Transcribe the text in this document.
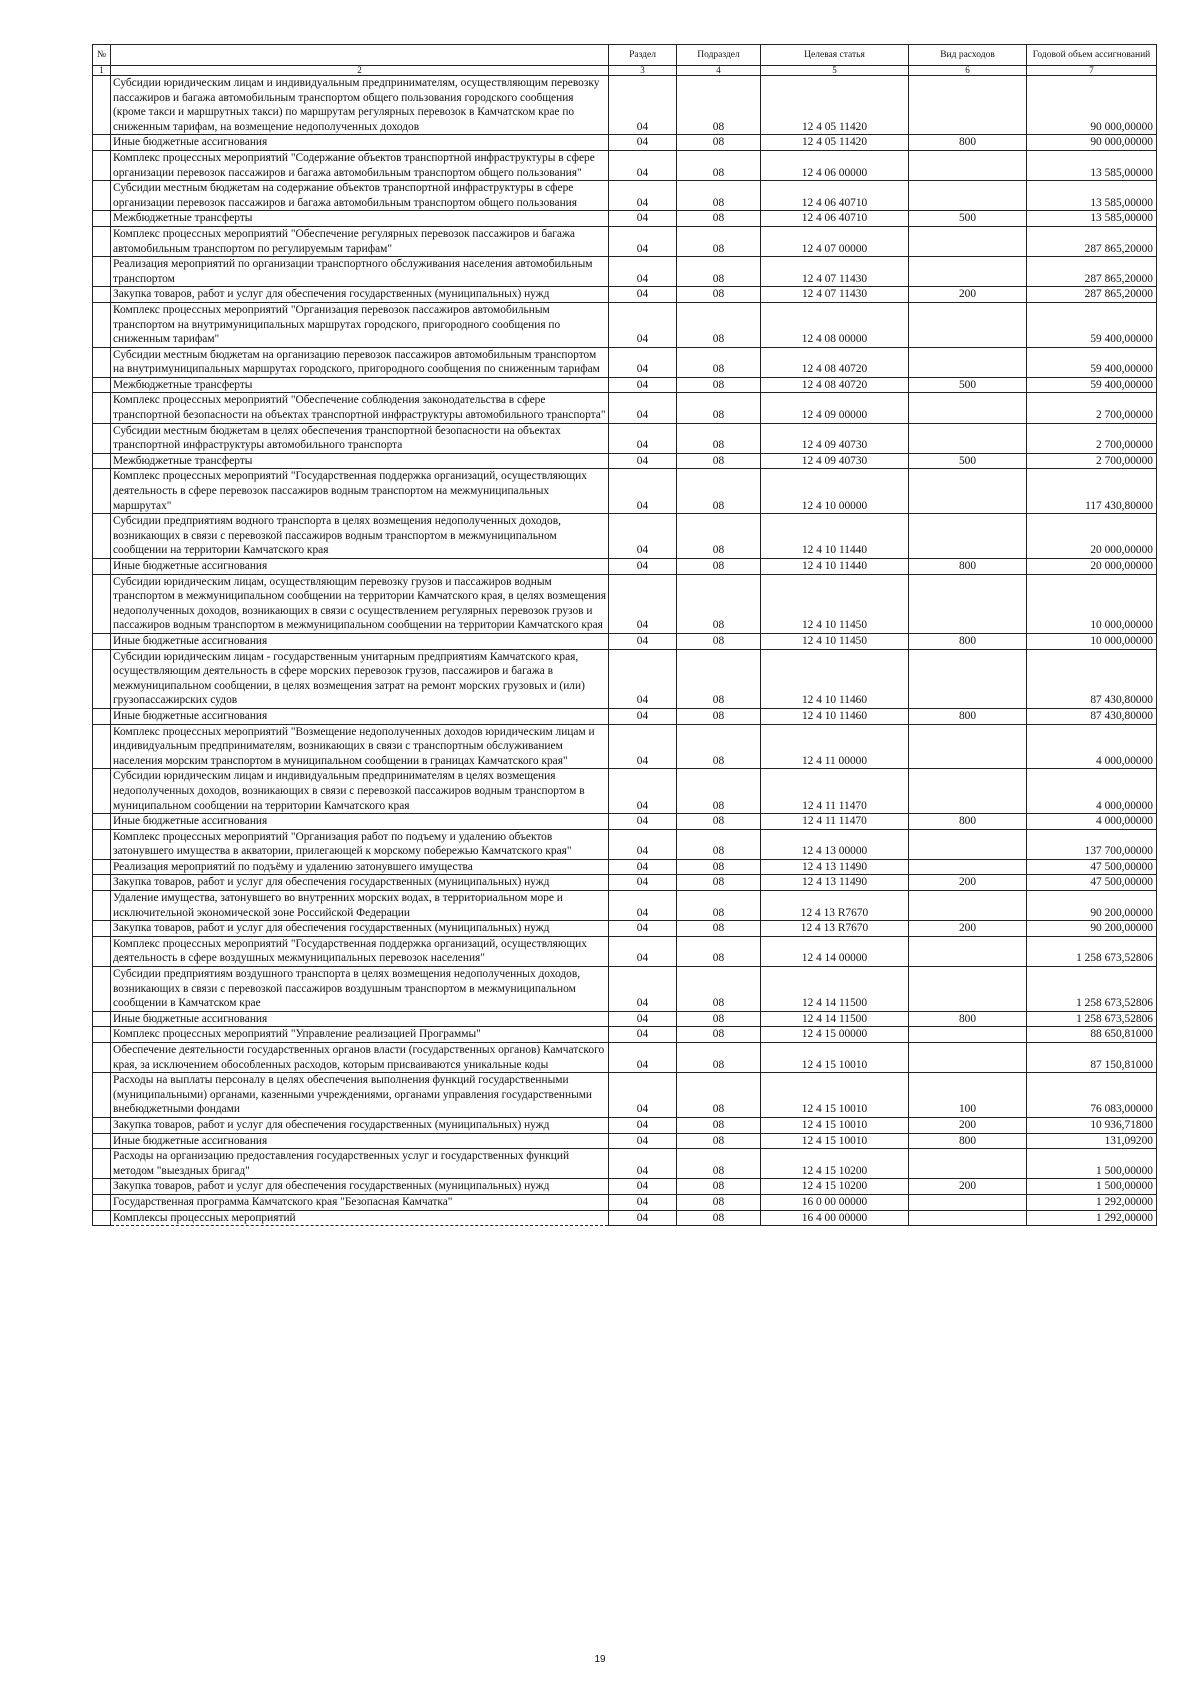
№		Раздел	Подраздел	Целевая статья	Вид расходов	Годовой объем ассигнований
1	2	3	4	5	6	7
	Субсидии юридическим лицам и индивидуальным предпринимателям, осуществляющим перевозку пассажиров и багажа автомобильным транспортом общего пользования городского сообщения (кроме такси и маршрутных такси) по маршрутам регулярных перевозок в Камчатском крае по сниженным тарифам, на возмещение недополученных доходов	04	08	12 4 05 11420		90 000,00000
	Иные бюджетные ассигнования	04	08	12 4 05 11420	800	90 000,00000
	Комплекс процессных мероприятий "Содержание объектов транспортной инфраструктуры в сфере организации перевозок пассажиров и багажа автомобильным транспортом общего пользования"	04	08	12 4 06 00000		13 585,00000
	Субсидии местным бюджетам на содержание объектов транспортной инфраструктуры в сфере организации перевозок пассажиров и багажа автомобильным транспортом общего пользования	04	08	12 4 06 40710		13 585,00000
	Межбюджетные трансферты	04	08	12 4 06 40710	500	13 585,00000
	Комплекс процессных мероприятий "Обеспечение регулярных перевозок пассажиров и багажа автомобильным транспортом по регулируемым тарифам"	04	08	12 4 07 00000		287 865,20000
	Реализация мероприятий по организации транспортного обслуживания населения автомобильным транспортом	04	08	12 4 07 11430		287 865,20000
	Закупка товаров, работ и услуг для обеспечения государственных (муниципальных) нужд	04	08	12 4 07 11430	200	287 865,20000
	Комплекс процессных мероприятий "Организация перевозок пассажиров автомобильным транспортом на внутримуниципальных маршрутах городского, пригородного сообщения по сниженным тарифам"	04	08	12 4 08 00000		59 400,00000
	Субсидии местным бюджетам на организацию перевозок пассажиров автомобильным транспортом на внутримуниципальных маршрутах городского, пригородного сообщения по сниженным тарифам	04	08	12 4 08 40720		59 400,00000
	Межбюджетные трансферты	04	08	12 4 08 40720	500	59 400,00000
	Комплекс процессных мероприятий "Обеспечение соблюдения законодательства в сфере транспортной безопасности на объектах транспортной инфраструктуры автомобильного транспорта"	04	08	12 4 09 00000		2 700,00000
	Субсидии местным бюджетам в целях обеспечения транспортной безопасности на объектах транспортной инфраструктуры автомобильного транспорта	04	08	12 4 09 40730		2 700,00000
	Межбюджетные трансферты	04	08	12 4 09 40730	500	2 700,00000
	Комплекс процессных мероприятий "Государственная поддержка организаций, осуществляющих деятельность в сфере перевозок пассажиров водным транспортом на межмуниципальных маршрутах"	04	08	12 4 10 00000		117 430,80000
	Субсидии предприятиям водного транспорта в целях возмещения недополученных доходов, возникающих в связи с перевозкой пассажиров водным транспортом в межмуниципальном сообщении на территории Камчатского края	04	08	12 4 10 11440		20 000,00000
	Иные бюджетные ассигнования	04	08	12 4 10 11440	800	20 000,00000
	Субсидии юридическим лицам, осуществляющим перевозку грузов и пассажиров водным транспортом в межмуниципальном сообщении на территории Камчатского края, в целях возмещения недополученных доходов, возникающих в связи с осуществлением регулярных перевозок грузов и пассажиров водным транспортом в межмуниципальном сообщении на территории Камчатского края	04	08	12 4 10 11450		10 000,00000
	Иные бюджетные ассигнования	04	08	12 4 10 11450	800	10 000,00000
	Субсидии юридическим лицам - государственным унитарным предприятиям Камчатского края, осуществляющим деятельность в сфере морских перевозок грузов, пассажиров и багажа в межмуниципальном сообщении, в целях возмещения затрат на ремонт морских грузовых и (или) грузопассажирских судов	04	08	12 4 10 11460		87 430,80000
	Иные бюджетные ассигнования	04	08	12 4 10 11460	800	87 430,80000
	Комплекс процессных мероприятий "Возмещение недополученных доходов юридическим лицам и индивидуальным предпринимателям, возникающих в связи с транспортным обслуживанием населения морским транспортом в муниципальном сообщении в границах Камчатского края"	04	08	12 4 11 00000		4 000,00000
	Субсидии юридическим лицам и индивидуальным предпринимателям в целях возмещения недополученных доходов, возникающих в связи с перевозкой пассажиров водным транспортом в муниципальном сообщении на территории Камчатского края	04	08	12 4 11 11470		4 000,00000
	Иные бюджетные ассигнования	04	08	12 4 11 11470	800	4 000,00000
	Комплекс процессных мероприятий "Организация работ по подъему и удалению объектов затонувшего имущества в акватории, прилегающей к морскому побережью Камчатского края"	04	08	12 4 13 00000		137 700,00000
	Реализация мероприятий по подъёму и удалению затонувшего имущества	04	08	12 4 13 11490		47 500,00000
	Закупка товаров, работ и услуг для обеспечения государственных (муниципальных) нужд	04	08	12 4 13 11490	200	47 500,00000
	Удаление имущества, затонувшего во внутренних морских водах, в территориальном море и исключительной экономической зоне Российской Федерации	04	08	12 4 13 R7670		90 200,00000
	Закупка товаров, работ и услуг для обеспечения государственных (муниципальных) нужд	04	08	12 4 13 R7670	200	90 200,00000
	Комплекс процессных мероприятий "Государственная поддержка организаций, осуществляющих деятельность в сфере воздушных межмуниципальных перевозок населения"	04	08	12 4 14 00000		1 258 673,52806
	Субсидии предприятиям воздушного транспорта в целях возмещения недополученных доходов, возникающих в связи с перевозкой пассажиров воздушным транспортом в межмуниципальном сообщении в Камчатском крае	04	08	12 4 14 11500		1 258 673,52806
	Иные бюджетные ассигнования	04	08	12 4 14 11500	800	1 258 673,52806
	Комплекс процессных мероприятий "Управление реализацией Программы"	04	08	12 4 15 00000		88 650,81000
	Обеспечение деятельности государственных органов власти (государственных органов) Камчатского края, за исключением обособленных расходов, которым присваиваются уникальные коды	04	08	12 4 15 10010		87 150,81000
	Расходы на выплаты персоналу в целях обеспечения выполнения функций государственными (муниципальными) органами, казенными учреждениями, органами управления государственными внебюджетными фондами	04	08	12 4 15 10010	100	76 083,00000
	Закупка товаров, работ и услуг для обеспечения государственных (муниципальных) нужд	04	08	12 4 15 10010	200	10 936,71800
	Иные бюджетные ассигнования	04	08	12 4 15 10010	800	131,09200
	Расходы на организацию предоставления государственных услуг и государственных функций методом "выездных бригад"	04	08	12 4 15 10200		1 500,00000
	Закупка товаров, работ и услуг для обеспечения государственных (муниципальных) нужд	04	08	12 4 15 10200	200	1 500,00000
	Государственная программа Камчатского края "Безопасная Камчатка"	04	08	16 0 00 00000		1 292,00000
	Комплексы процессных мероприятий	04	08	16 4 00 00000		1 292,00000
19
